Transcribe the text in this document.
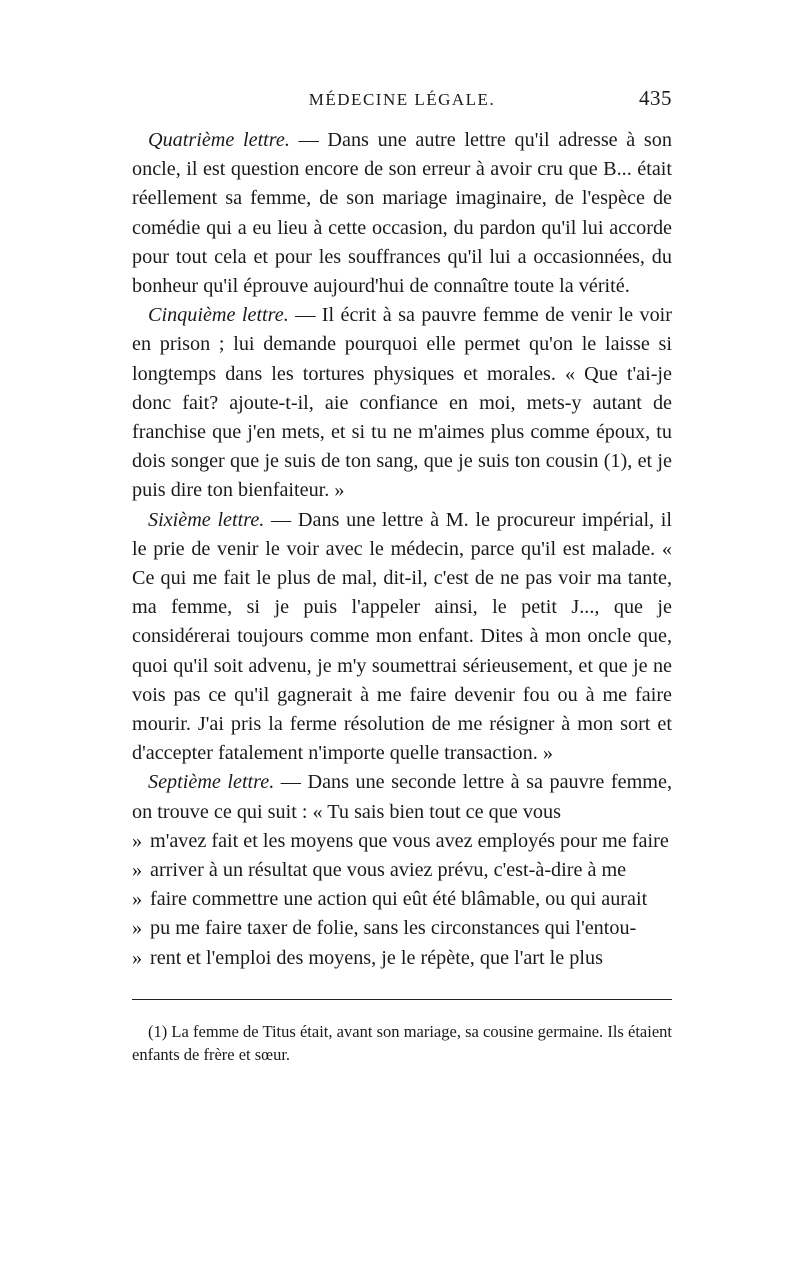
MÉDECINE LÉGALE.	435

Quatrième lettre. — Dans une autre lettre qu'il adresse à son oncle, il est question encore de son erreur à avoir cru que B... était réellement sa femme, de son mariage imaginaire, de l'espèce de comédie qui a eu lieu à cette occasion, du pardon qu'il lui accorde pour tout cela et pour les souffrances qu'il lui a occasionnées, du bonheur qu'il éprouve aujourd'hui de connaître toute la vérité.

Cinquième lettre. — Il écrit à sa pauvre femme de venir le voir en prison ; lui demande pourquoi elle permet qu'on le laisse si longtemps dans les tortures physiques et morales. « Que t'ai-je donc fait? ajoute-t-il, aie confiance en moi, mets-y autant de franchise que j'en mets, et si tu ne m'aimes plus comme époux, tu dois songer que je suis de ton sang, que je suis ton cousin (1), et je puis dire ton bienfaiteur. »

Sixième lettre. — Dans une lettre à M. le procureur impérial, il le prie de venir le voir avec le médecin, parce qu'il est malade. « Ce qui me fait le plus de mal, dit-il, c'est de ne pas voir ma tante, ma femme, si je puis l'appeler ainsi, le petit J..., que je considérerai toujours comme mon enfant. Dites à mon oncle que, quoi qu'il soit advenu, je m'y soumettrai sérieusement, et que je ne vois pas ce qu'il gagnerait à me faire devenir fou ou à me faire mourir. J'ai pris la ferme résolution de me résigner à mon sort et d'accepter fatalement n'importe quelle transaction. »

Septième lettre. — Dans une seconde lettre à sa pauvre femme, on trouve ce qui suit : « Tu sais bien tout ce que vous

» m'avez fait et les moyens que vous avez employés pour me faire

» arriver à un résultat que vous aviez prévu, c'est-à-dire à me

» faire commettre une action qui eût été blâmable, ou qui aurait

» pu me faire taxer de folie, sans les circonstances qui l'entou-

» rent et l'emploi des moyens, je le répète, que l'art le plus

(1) La femme de Titus était, avant son mariage, sa cousine germaine. Ils étaient enfants de frère et sœur.
